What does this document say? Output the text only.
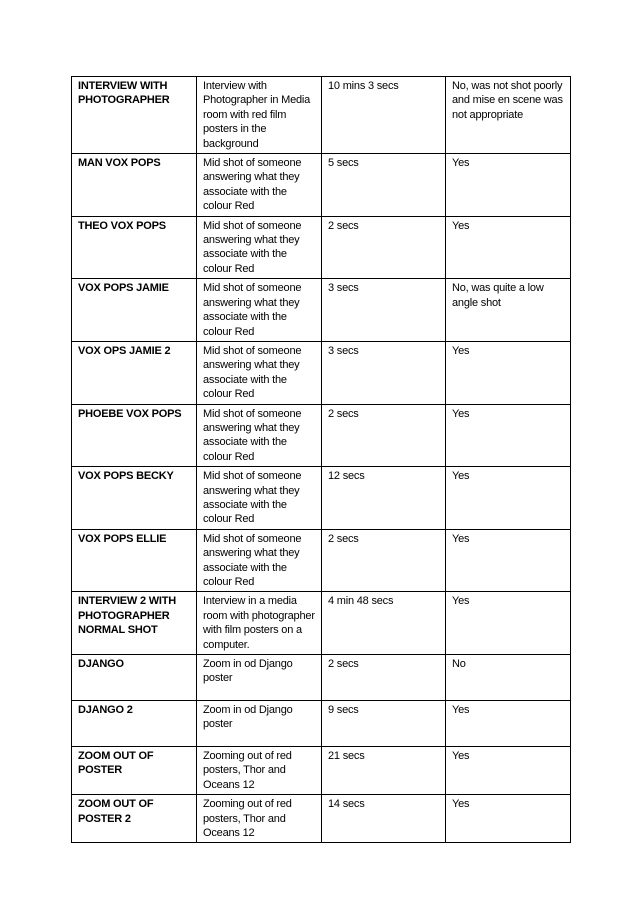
INTERVIEW WITH PHOTOGRAPHER	Interview with Photographer in Media room with red film posters in the background	10 mins 3 secs	No, was not shot poorly and mise en scene was not appropriate
MAN VOX POPS	Mid shot of someone answering what they associate with the colour Red	5 secs	Yes
THEO VOX POPS	Mid shot of someone answering what they associate with the colour Red	2 secs	Yes
VOX POPS JAMIE	Mid shot of someone answering what they associate with the colour Red	3 secs	No, was quite a low angle shot
VOX OPS JAMIE 2	Mid shot of someone answering what they associate with the colour Red	3 secs	Yes
PHOEBE VOX POPS	Mid shot of someone answering what they associate with the colour Red	2 secs	Yes
VOX POPS BECKY	Mid shot of someone answering what they associate with the colour Red	12 secs	Yes
VOX POPS ELLIE	Mid shot of someone answering what they associate with the colour Red	2 secs	Yes
INTERVIEW 2 WITH PHOTOGRAPHER NORMAL SHOT	Interview in a media room with photographer with film posters on a computer.	4 min 48 secs	Yes
DJANGO	Zoom in od Django poster	2 secs	No
DJANGO 2	Zoom in od Django poster	9 secs	Yes
ZOOM OUT OF POSTER	Zooming out of red posters, Thor and Oceans 12	21 secs	Yes
ZOOM OUT OF POSTER 2	Zooming out of red posters, Thor and Oceans 12	14 secs	Yes
